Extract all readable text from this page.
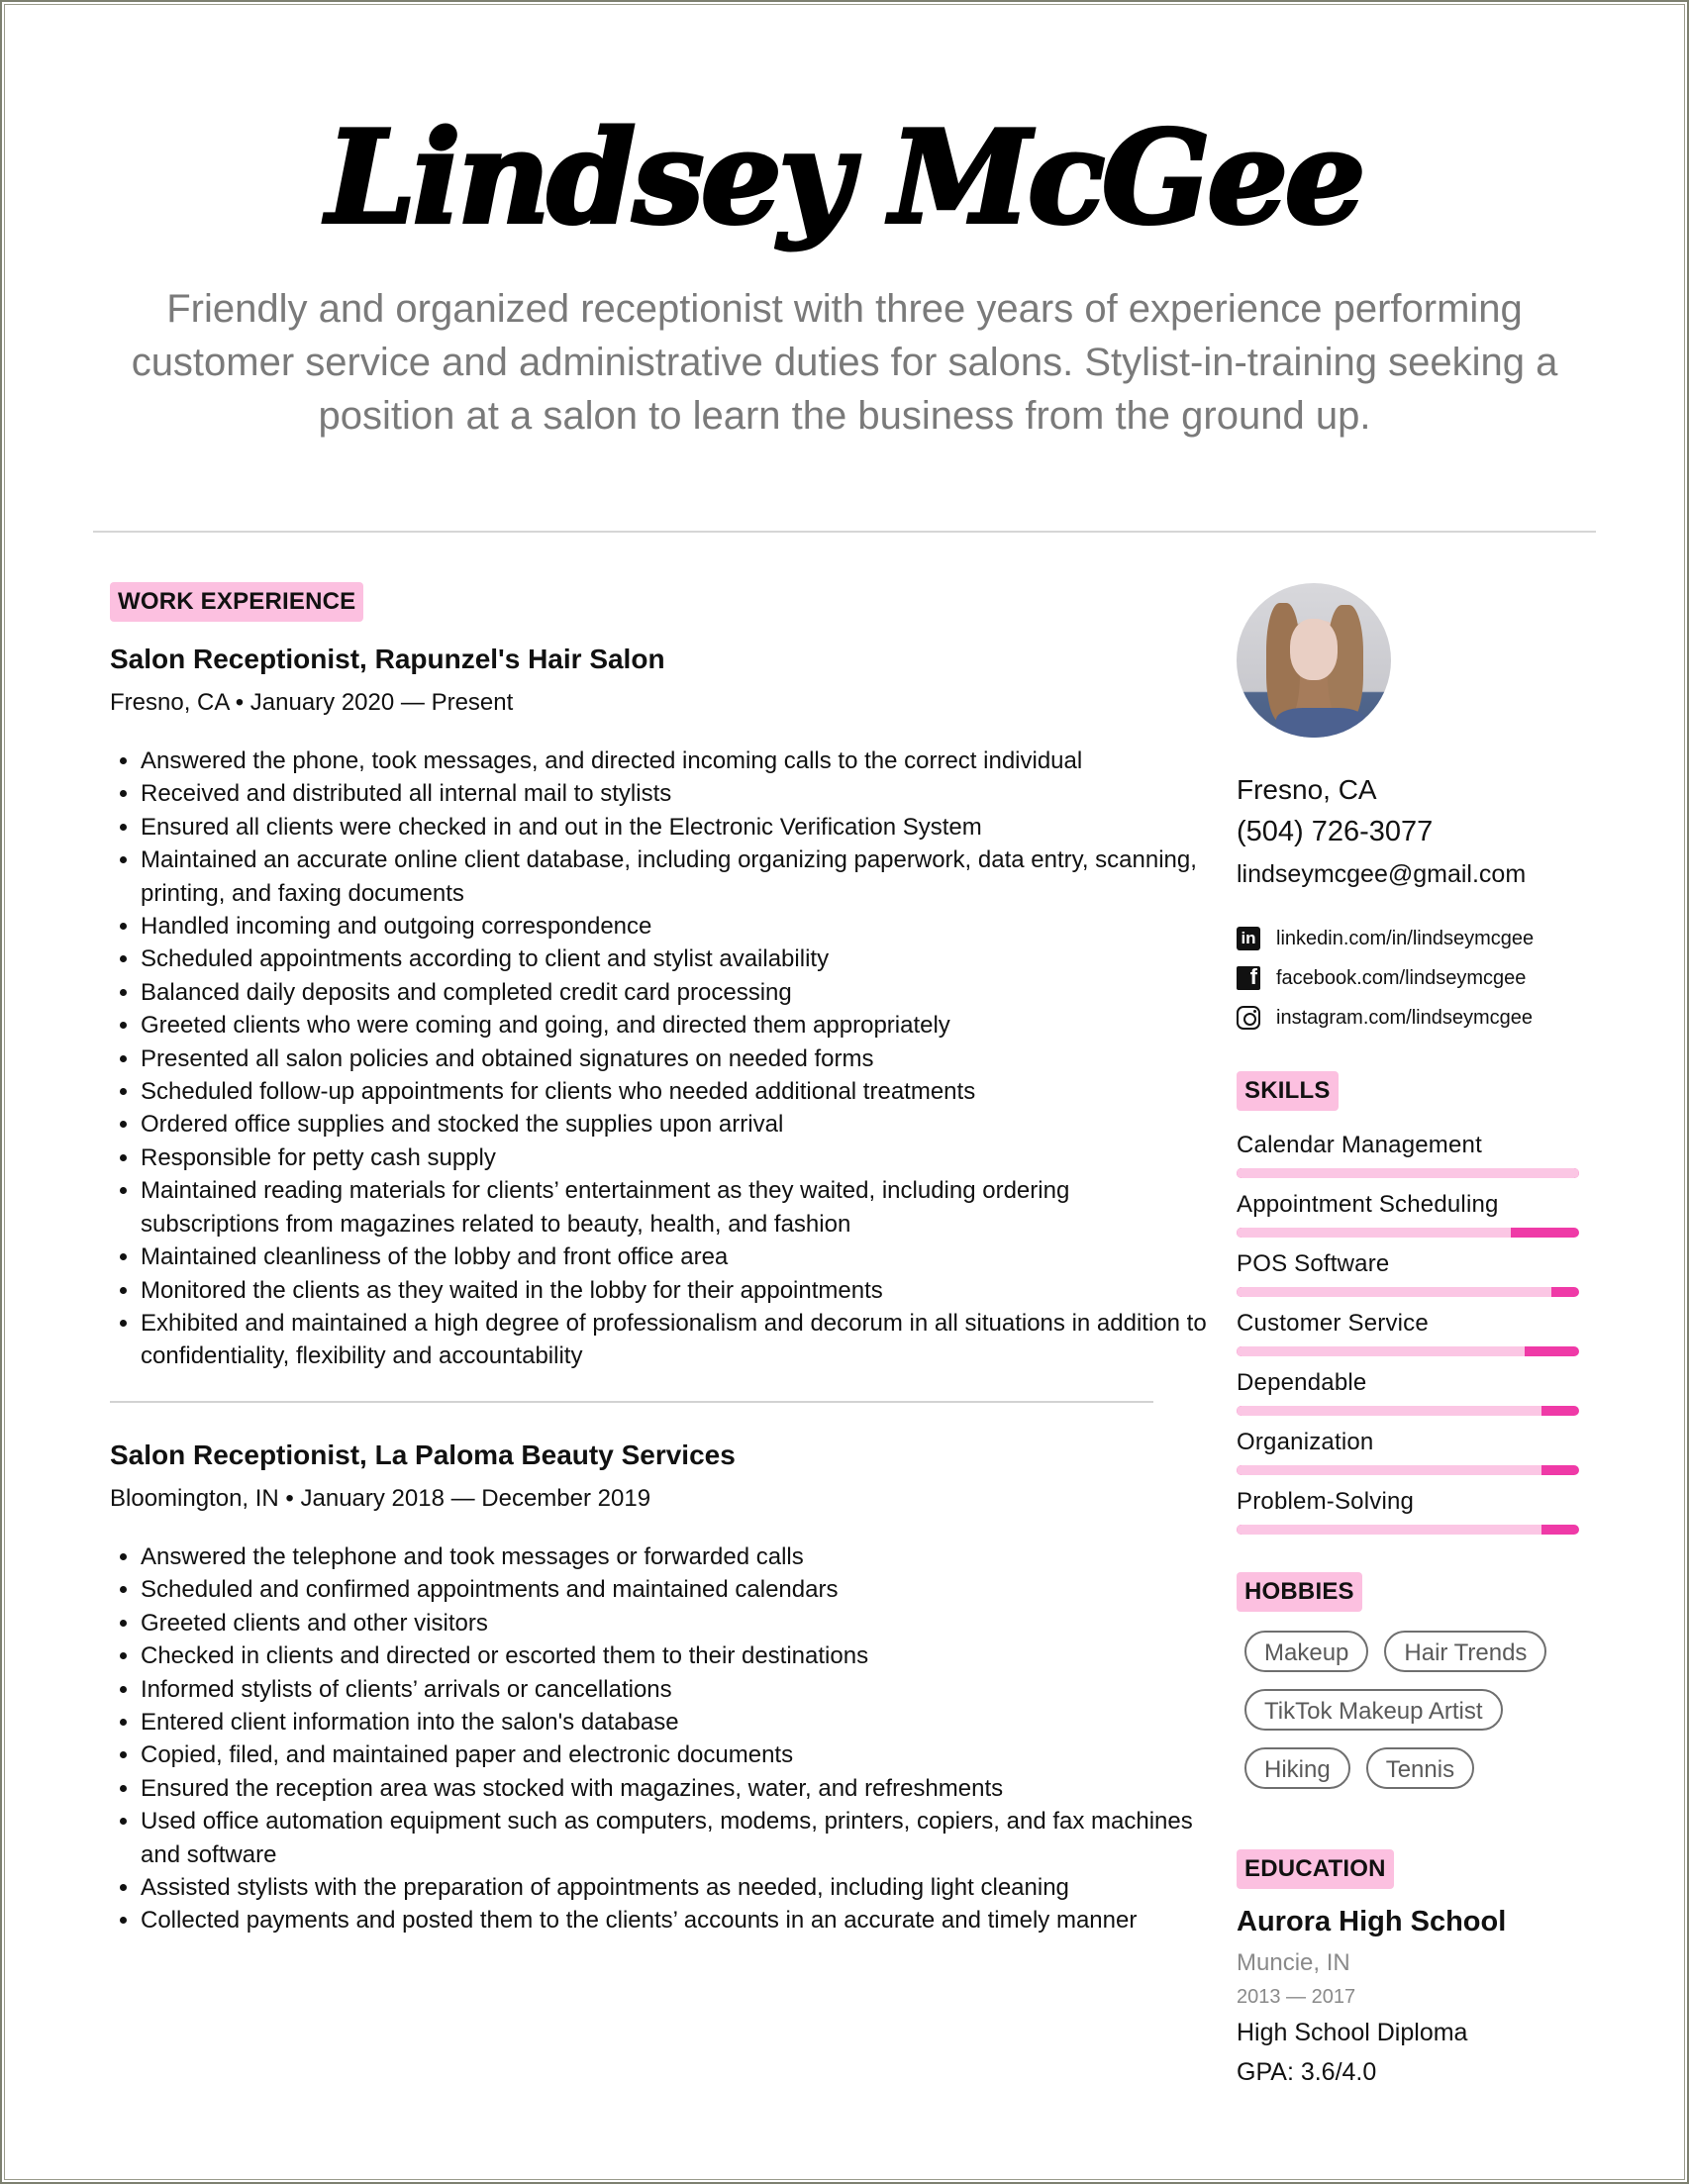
Lindsey McGee
Friendly and organized receptionist with three years of experience performing customer service and administrative duties for salons. Stylist-in-training seeking a position at a salon to learn the business from the ground up.
WORK EXPERIENCE
Salon Receptionist, Rapunzel's Hair Salon
Fresno, CA • January 2020 — Present
• Answered the phone, took messages, and directed incoming calls to the correct individual
• Received and distributed all internal mail to stylists
• Ensured all clients were checked in and out in the Electronic Verification System
• Maintained an accurate online client database, including organizing paperwork, data entry, scanning, printing, and faxing documents
• Handled incoming and outgoing correspondence
• Scheduled appointments according to client and stylist availability
• Balanced daily deposits and completed credit card processing
• Greeted clients who were coming and going, and directed them appropriately
• Presented all salon policies and obtained signatures on needed forms
• Scheduled follow-up appointments for clients who needed additional treatments
• Ordered office supplies and stocked the supplies upon arrival
• Responsible for petty cash supply
• Maintained reading materials for clients’ entertainment as they waited, including ordering subscriptions from magazines related to beauty, health, and fashion
• Maintained cleanliness of the lobby and front office area
• Monitored the clients as they waited in the lobby for their appointments
• Exhibited and maintained a high degree of professionalism and decorum in all situations in addition to confidentiality, flexibility and accountability
Salon Receptionist, La Paloma Beauty Services
Bloomington, IN • January 2018 — December 2019
• Answered the telephone and took messages or forwarded calls
• Scheduled and confirmed appointments and maintained calendars
• Greeted clients and other visitors
• Checked in clients and directed or escorted them to their destinations
• Informed stylists of clients’ arrivals or cancellations
• Entered client information into the salon's database
• Copied, filed, and maintained paper and electronic documents
• Ensured the reception area was stocked with magazines, water, and refreshments
• Used office automation equipment such as computers, modems, printers, copiers, and fax machines and software
• Assisted stylists with the preparation of appointments as needed, including light cleaning
• Collected payments and posted them to the clients’ accounts in an accurate and timely manner
Fresno, CA
(504) 726-3077
lindseymcgee@gmail.com
in linkedin.com/in/lindseymcgee
f facebook.com/lindseymcgee
instagram.com/lindseymcgee
SKILLS
Calendar Management
Appointment Scheduling
POS Software
Customer Service
Dependable
Organization
Problem-Solving
HOBBIES
Makeup	Hair Trends
TikTok Makeup Artist
Hiking	Tennis
EDUCATION
Aurora High School
Muncie, IN
2013 — 2017
High School Diploma
GPA: 3.6/4.0
